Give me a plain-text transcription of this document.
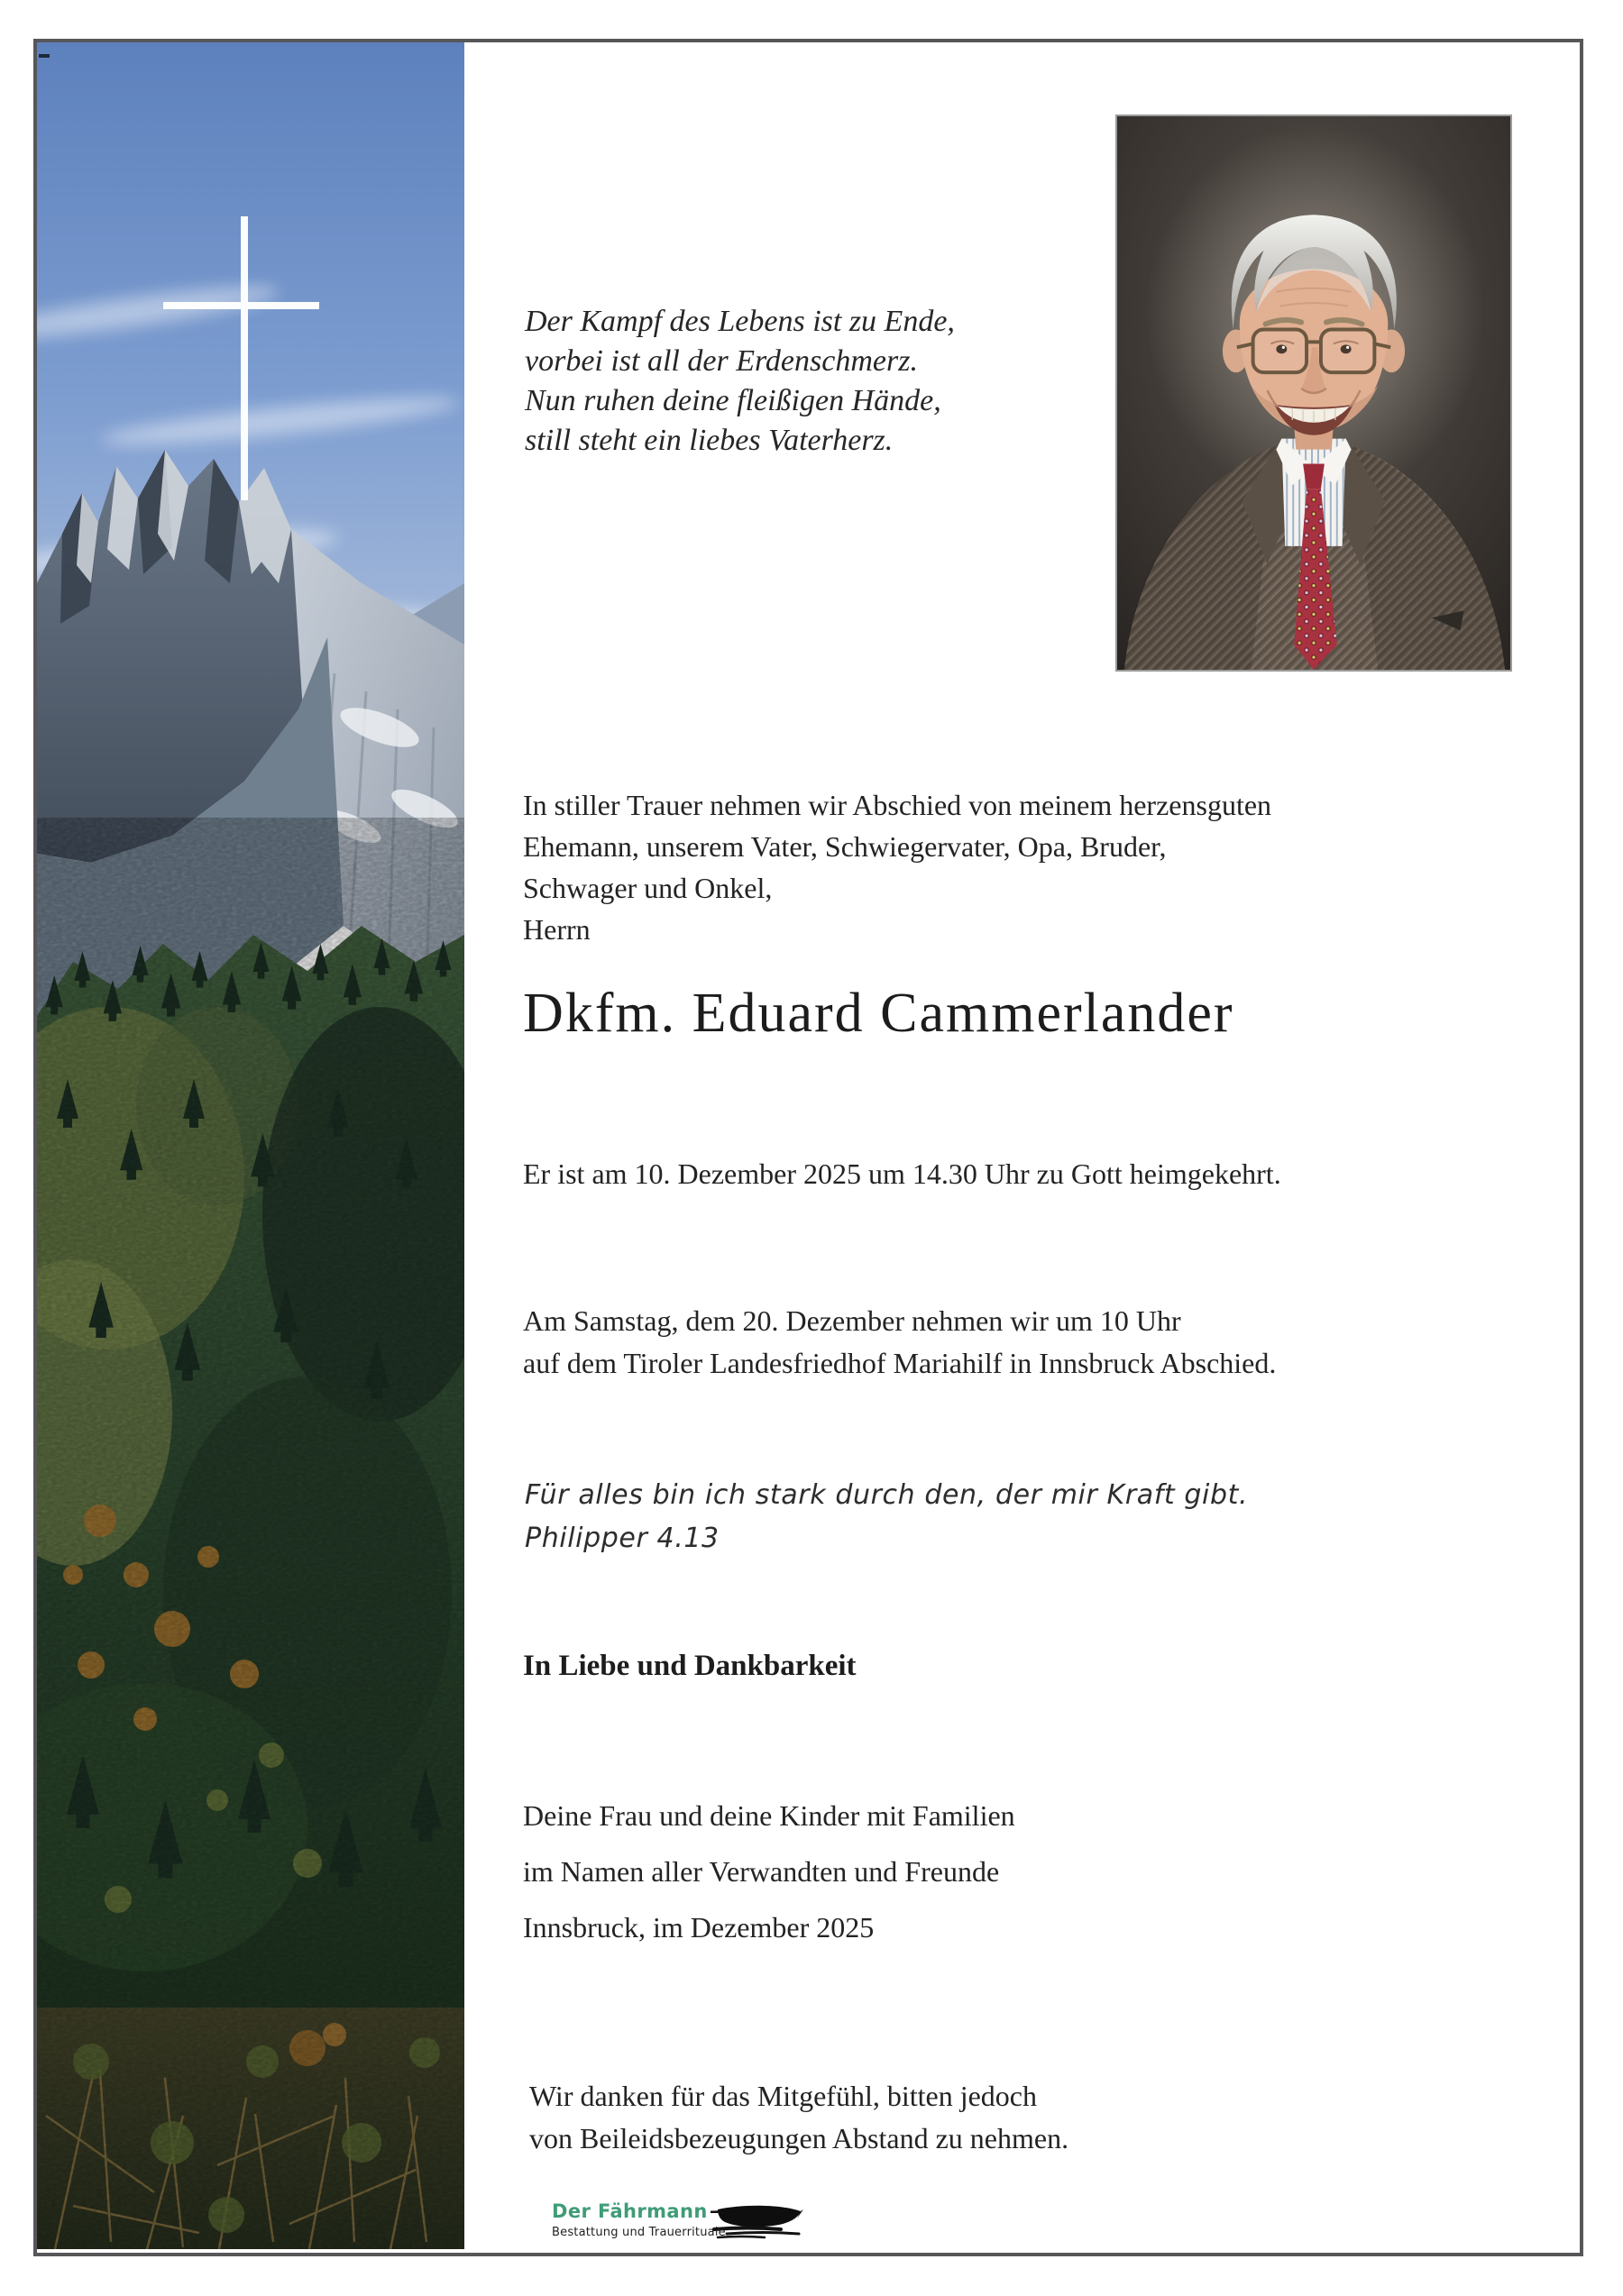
Der Kampf des Lebens ist zu Ende,
vorbei ist all der Erdenschmerz.
Nun ruhen deine fleißigen Hände,
still steht ein liebes Vaterherz.
In stiller Trauer nehmen wir Abschied von meinem herzensguten
Ehemann, unserem Vater, Schwiegervater, Opa, Bruder,
Schwager und Onkel,
Herrn
Dkfm. Eduard Cammerlander
Er ist am 10. Dezember 2025 um 14.30 Uhr zu Gott heimgekehrt.
Am Samstag, dem 20. Dezember nehmen wir um 10 Uhr
auf dem Tiroler Landesfriedhof Mariahilf in Innsbruck Abschied.
Für alles bin ich stark durch den, der mir Kraft gibt.
Philipper 4.13
In Liebe und Dankbarkeit
Deine Frau und deine Kinder mit Familien
im Namen aller Verwandten und Freunde
Innsbruck, im Dezember 2025
Wir danken für das Mitgefühl, bitten jedoch
von Beileidsbezeugungen Abstand zu nehmen.
Der Fährmann
Bestattung und Trauerrituale
